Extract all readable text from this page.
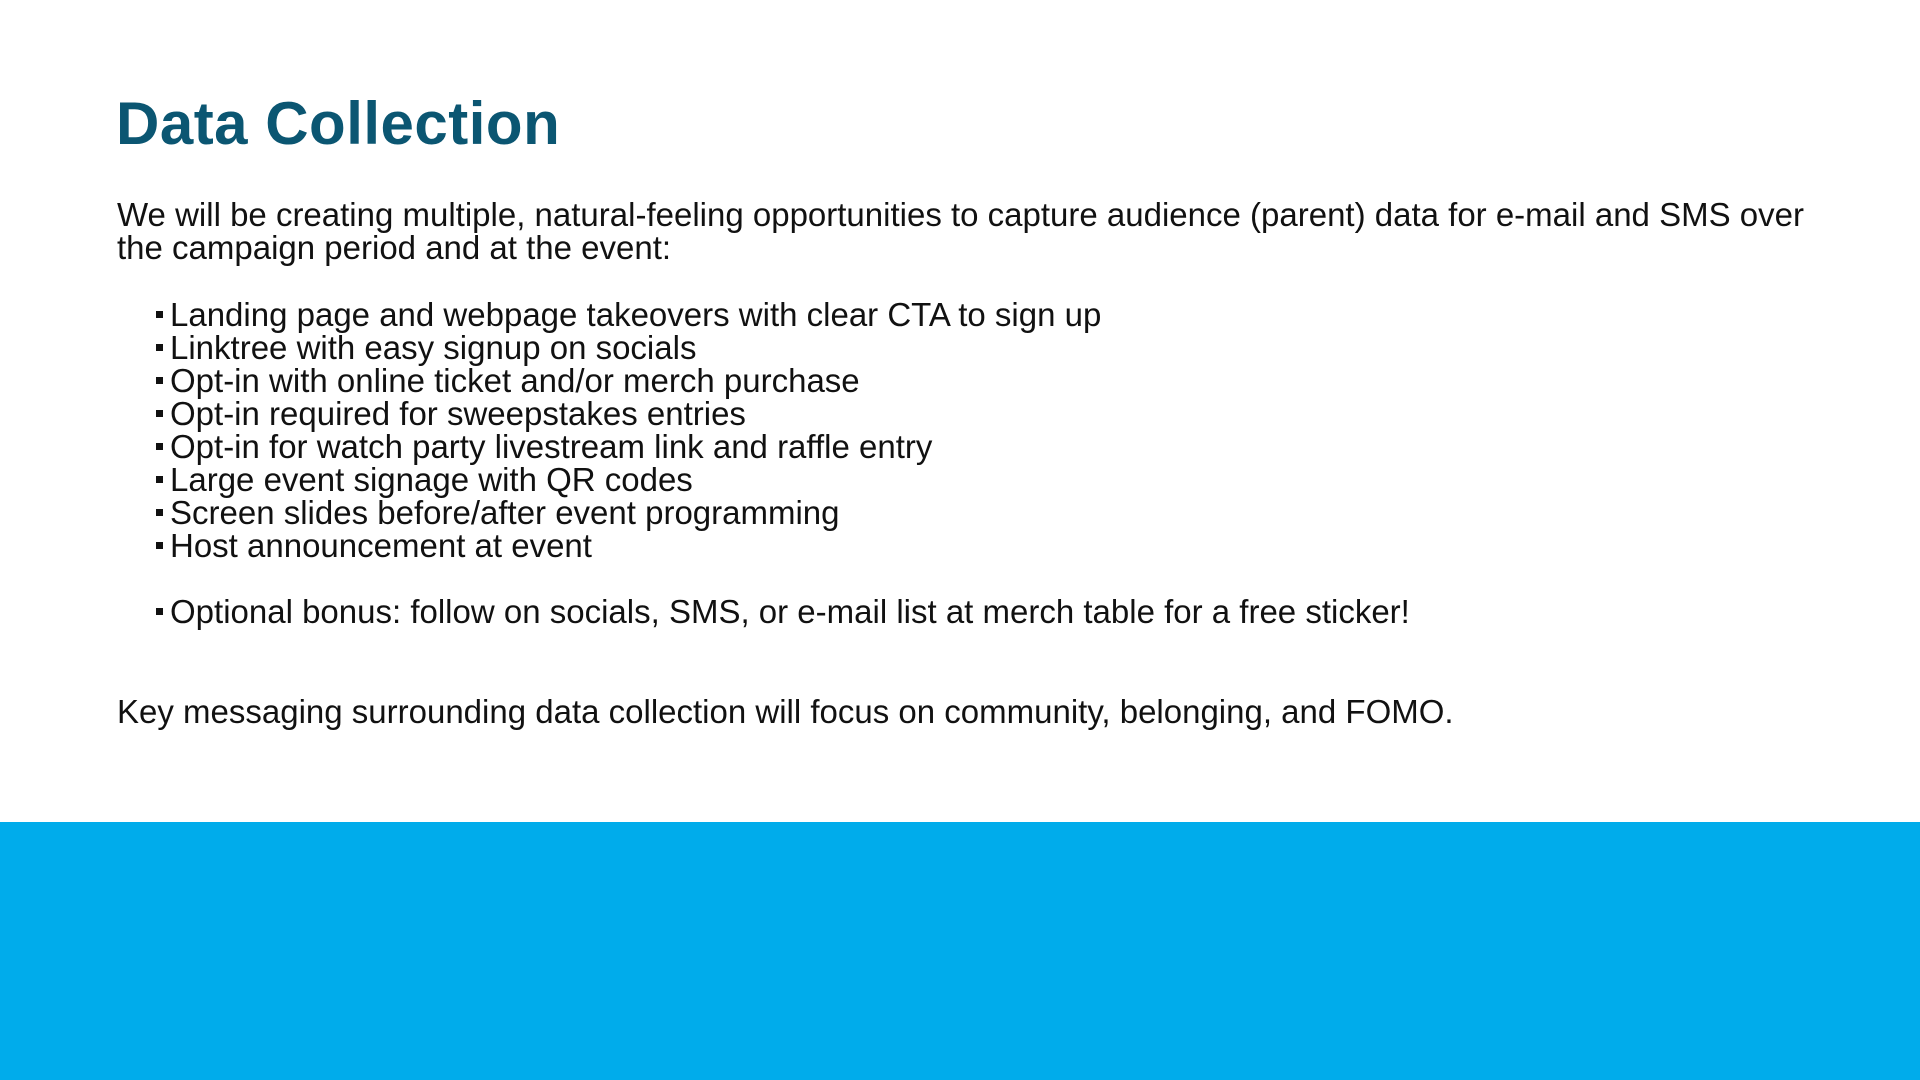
Data Collection

We will be creating multiple, natural-feeling opportunities to capture audience (parent) data for e-mail and SMS over the campaign period and at the event:

Landing page and webpage takeovers with clear CTA to sign up
Linktree with easy signup on socials
Opt-in with online ticket and/or merch purchase
Opt-in required for sweepstakes entries
Opt-in for watch party livestream link and raffle entry
Large event signage with QR codes
Screen slides before/after event programming
Host announcement at event
Optional bonus: follow on socials, SMS, or e-mail list at merch table for a free sticker!

Key messaging surrounding data collection will focus on community, belonging, and FOMO.
